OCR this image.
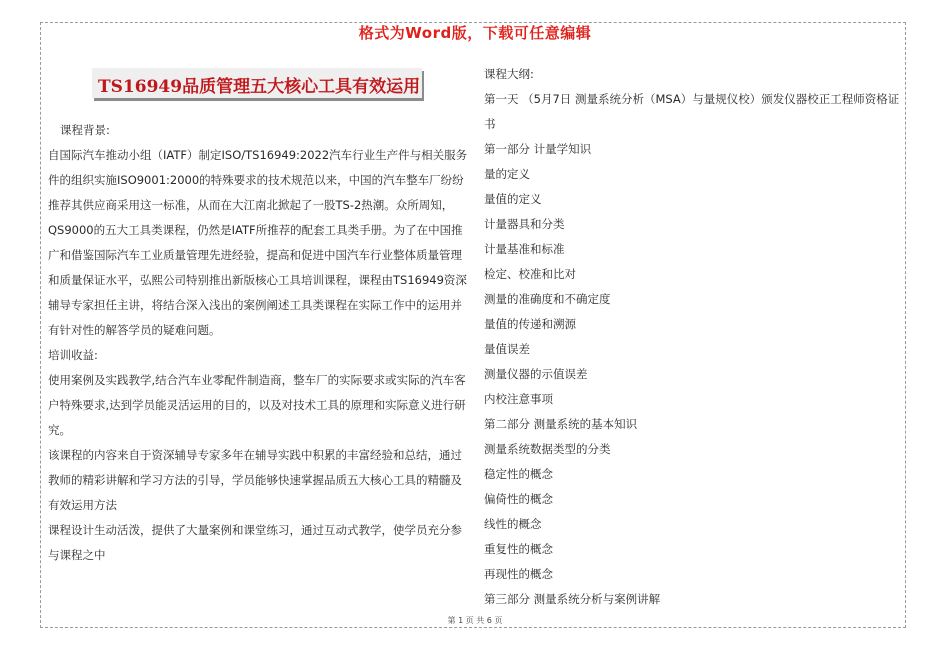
格式为Word版，下载可任意编辑
TS16949品质管理五大核心工具有效运用

课程背景:

自国际汽车推动小组（IATF）制定ISO/TS16949:2022汽车行业生产件与相关服务件的组织实施ISO9001:2000的特殊要求的技术规范以来，中国的汽车整车厂纷纷推荐其供应商采用这一标准，从而在大江南北掀起了一股TS-2热潮。众所周知，QS9000的五大工具类课程，仍然是IATF所推荐的配套工具类手册。为了在中国推广和借鉴国际汽车工业质量管理先进经验，提高和促进中国汽车行业整体质量管理和质量保证水平，弘熙公司特别推出新版核心工具培训课程，课程由TS16949资深辅导专家担任主讲，将结合深入浅出的案例阐述工具类课程在实际工作中的运用并有针对性的解答学员的疑难问题。

培训收益:

使用案例及实践教学,结合汽车业零配件制造商，整车厂的实际要求或实际的汽车客户特殊要求,达到学员能灵活运用的目的，以及对技术工具的原理和实际意义进行研究。

该课程的内容来自于资深辅导专家多年在辅导实践中积累的丰富经验和总结，通过教师的精彩讲解和学习方法的引导，学员能够快速掌握品质五大核心工具的精髓及有效运用方法

课程设计生动活泼，提供了大量案例和课堂练习，通过互动式教学，使学员充分参与课程之中

课程大纲:
第一天 （5月7日 测量系统分析（MSA）与量规仪校）颁发仪器校正工程师资格证书
第一部分 计量学知识
量的定义
量值的定义
计量器具和分类
计量基准和标准
检定、校准和比对
测量的准确度和不确定度
量值的传递和溯源
量值误差
测量仪器的示值误差
内校注意事项
第二部分 测量系统的基本知识
测量系统数据类型的分类
稳定性的概念
偏倚性的概念
线性的概念
重复性的概念
再现性的概念
第三部分 测量系统分析与案例讲解
第 1 页 共 6 页
